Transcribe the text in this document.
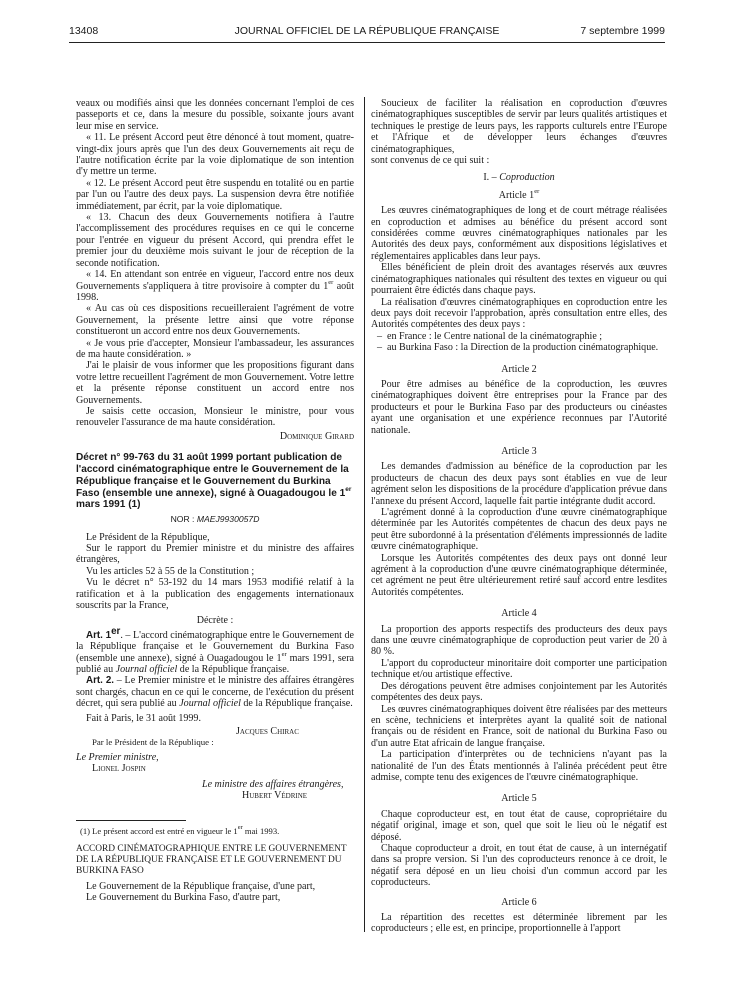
13408	JOURNAL OFFICIEL DE LA RÉPUBLIQUE FRANÇAISE	7 septembre 1999

veaux ou modifiés ainsi que les données concernant l'emploi de ces passeports et ce, dans la mesure du possible, soixante jours avant leur mise en service.

« 11. Le présent Accord peut être dénoncé à tout moment, quatre-vingt-dix jours après que l'un des deux Gouvernements ait reçu de l'autre notification écrite par la voie diplomatique de son intention d'y mettre un terme.

« 12. Le présent Accord peut être suspendu en totalité ou en partie par l'un ou l'autre des deux pays. La suspension devra être notifiée immédiatement, par écrit, par la voie diplomatique.

« 13. Chacun des deux Gouvernements notifiera à l'autre l'accomplissement des procédures requises en ce qui le concerne pour l'entrée en vigueur du présent Accord, qui prendra effet le premier jour du deuxième mois suivant le jour de réception de la seconde notification.

« 14. En attendant son entrée en vigueur, l'accord entre nos deux Gouvernements s'appliquera à titre provisoire à compter du 1er août 1998.

« Au cas où ces dispositions recueilleraient l'agrément de votre Gouvernement, la présente lettre ainsi que votre réponse constitueront un accord entre nos deux Gouvernements.

« Je vous prie d'accepter, Monsieur l'ambassadeur, les assurances de ma haute considération. »

J'ai le plaisir de vous informer que les propositions figurant dans votre lettre recueillent l'agrément de mon Gouvernement. Votre lettre et la présente réponse constituent un accord entre nos Gouvernements.

Je saisis cette occasion, Monsieur le ministre, pour vous renouveler l'assurance de ma haute considération.

Dominique Girard

Décret n° 99-763 du 31 août 1999 portant publication de l'accord cinématographique entre le Gouvernement de la République française et le Gouvernement du Burkina Faso (ensemble une annexe), signé à Ouagadougou le 1er mars 1991 (1)

NOR : MAEJ9930057D

Le Président de la République,

Sur le rapport du Premier ministre et du ministre des affaires étrangères,

Vu les articles 52 à 55 de la Constitution ;

Vu le décret n° 53-192 du 14 mars 1953 modifié relatif à la ratification et à la publication des engagements internationaux souscrits par la France,

Décrète :

Art. 1er. – L'accord cinématographique entre le Gouvernement de la République française et le Gouvernement du Burkina Faso (ensemble une annexe), signé à Ouagadougou le 1er mars 1991, sera publié au Journal officiel de la République française.

Art. 2. – Le Premier ministre et le ministre des affaires étrangères sont chargés, chacun en ce qui le concerne, de l'exécution du présent décret, qui sera publié au Journal officiel de la République française.

Fait à Paris, le 31 août 1999.

Jacques Chirac

Par le Président de la République :

Le Premier ministre,

Lionel Jospin

Le ministre des affaires étrangères,

Hubert Védrine

(1) Le présent accord est entré en vigueur le 1er mai 1993.

ACCORD CINÉMATOGRAPHIQUE ENTRE LE GOUVERNEMENT DE LA RÉPUBLIQUE FRANÇAISE ET LE GOUVERNEMENT DU BURKINA FASO

Le Gouvernement de la République française, d'une part,

Le Gouvernement du Burkina Faso, d'autre part,

Soucieux de faciliter la réalisation en coproduction d'œuvres cinématographiques susceptibles de servir par leurs qualités artistiques et techniques le prestige de leurs pays, les rapports culturels entre l'Europe et l'Afrique et de développer leurs échanges d'œuvres cinématographiques,

sont convenus de ce qui suit :

I. – Coproduction

Article 1er

Les œuvres cinématographiques de long et de court métrage réalisées en coproduction et admises au bénéfice du présent accord sont considérées comme œuvres cinématographiques nationales par les Autorités des deux pays, conformément aux dispositions législatives et réglementaires applicables dans leur pays.

Elles bénéficient de plein droit des avantages réservés aux œuvres cinématographiques nationales qui résultent des textes en vigueur ou qui pourraient être édictés dans chaque pays.

La réalisation d'œuvres cinématographiques en coproduction entre les deux pays doit recevoir l'approbation, après consultation entre elles, des Autorités compétentes des deux pays :

– en France : le Centre national de la cinématographie ;

– au Burkina Faso : la Direction de la production cinématographique.

Article 2

Pour être admises au bénéfice de la coproduction, les œuvres cinématographiques doivent être entreprises pour la France par des producteurs et pour le Burkina Faso par des producteurs ou cinéastes ayant une organisation et une expérience reconnues par l'Autorité nationale.

Article 3

Les demandes d'admission au bénéfice de la coproduction par les producteurs de chacun des deux pays sont établies en vue de leur agrément selon les dispositions de la procédure d'application prévue dans l'annexe du présent Accord, laquelle fait partie intégrante dudit accord.

L'agrément donné à la coproduction d'une œuvre cinématographique déterminée par les Autorités compétentes de chacun des deux pays ne peut être subordonné à la présentation d'éléments impressionnés de ladite œuvre cinématographique.

Lorsque les Autorités compétentes des deux pays ont donné leur agrément à la coproduction d'une œuvre cinématographique déterminée, cet agrément ne peut être ultérieurement retiré sauf accord entre lesdites Autorités compétentes.

Article 4

La proportion des apports respectifs des producteurs des deux pays dans une œuvre cinématographique de coproduction peut varier de 20 à 80 %.

L'apport du coproducteur minoritaire doit comporter une participation technique et/ou artistique effective.

Des dérogations peuvent être admises conjointement par les Autorités compétentes des deux pays.

Les œuvres cinématographiques doivent être réalisées par des metteurs en scène, techniciens et interprètes ayant la qualité soit de national français ou de résident en France, soit de national du Burkina Faso ou d'un autre Etat africain de langue française.

La participation d'interprètes ou de techniciens n'ayant pas la nationalité de l'un des États mentionnés à l'alinéa précédent peut être admise, compte tenu des exigences de l'œuvre cinématographique.

Article 5

Chaque coproducteur est, en tout état de cause, copropriétaire du négatif original, image et son, quel que soit le lieu où le négatif est déposé.

Chaque coproducteur a droit, en tout état de cause, à un internégatif dans sa propre version. Si l'un des coproducteurs renonce à ce droit, le négatif sera déposé en un lieu choisi d'un commun accord par les coproducteurs.

Article 6

La répartition des recettes est déterminée librement par les coproducteurs ; elle est, en principe, proportionnelle à l'apport
